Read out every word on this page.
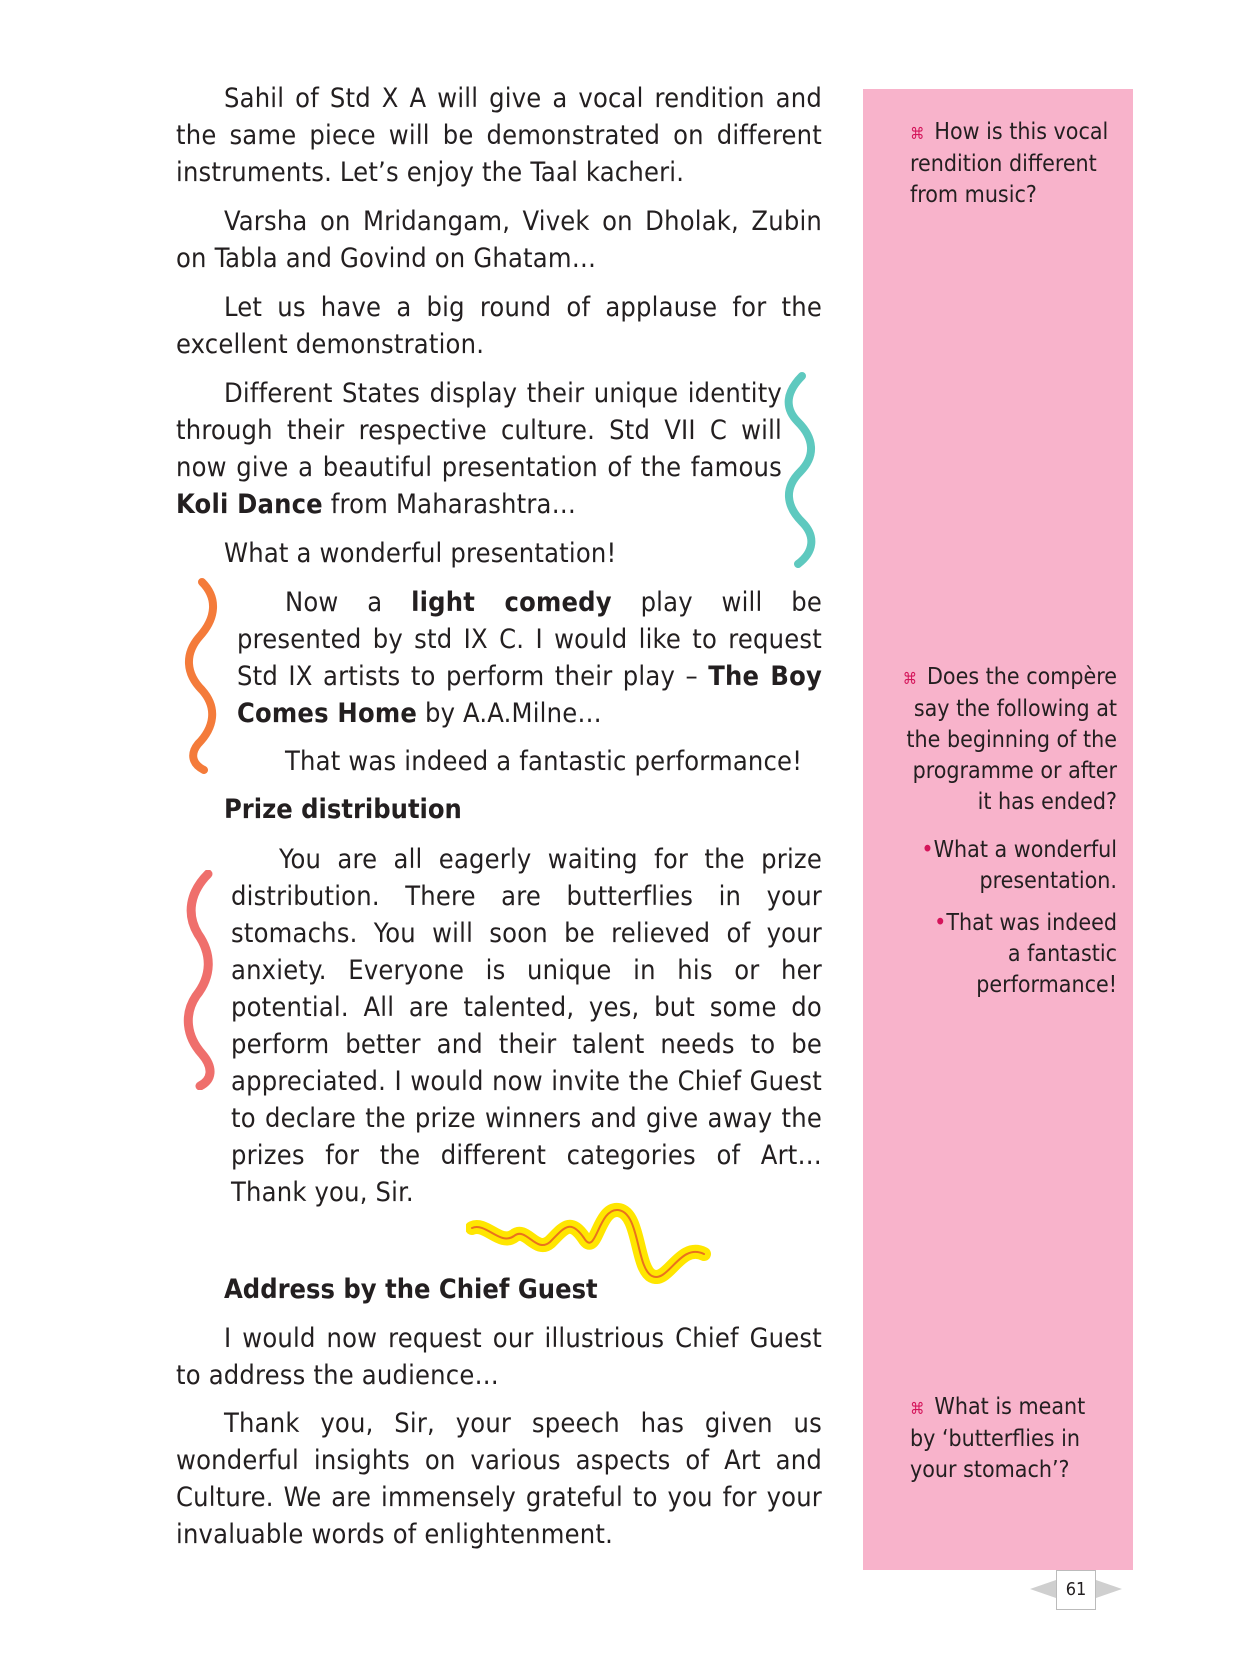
⌘ How is this vocal rendition different from music?
⌘ Does the compère say the following at the beginning of the programme or after it has ended?
•What a wonderful presentation.
•That was indeed a fantastic performance!
⌘ What is meant by ‘butterflies in your stomach’?

Sahil of Std X A will give a vocal rendition and the same piece will be demonstrated on different instruments. Let’s enjoy the Taal kacheri.

Varsha on Mridangam, Vivek on Dholak, Zubin on Tabla and Govind on Ghatam…

Let us have a big round of applause for the excellent demonstration.

Different States display their unique identity through their respective culture. Std VII C will now give a beautiful presentation of the famous Koli Dance from Maharashtra…

What a wonderful presentation!

Now a light comedy play will be presented by std IX C. I would like to request Std IX artists to perform their play – The Boy Comes Home by A.A.Milne…

That was indeed a fantastic performance!

Prize distribution

You are all eagerly waiting for the prize distribution. There are butterflies in your stomachs. You will soon be relieved of your anxiety. Everyone is unique in his or her potential. All are talented, yes, but some do perform better and their talent needs to be appreciated. I would now invite the Chief Guest to declare the prize winners and give away the prizes for the different categories of Art… Thank you, Sir.

Address by the Chief Guest

I would now request our illustrious Chief Guest to address the audience…

Thank you, Sir, your speech has given us wonderful insights on various aspects of Art and Culture. We are immensely grateful to you for your invaluable words of enlightenment.

61
